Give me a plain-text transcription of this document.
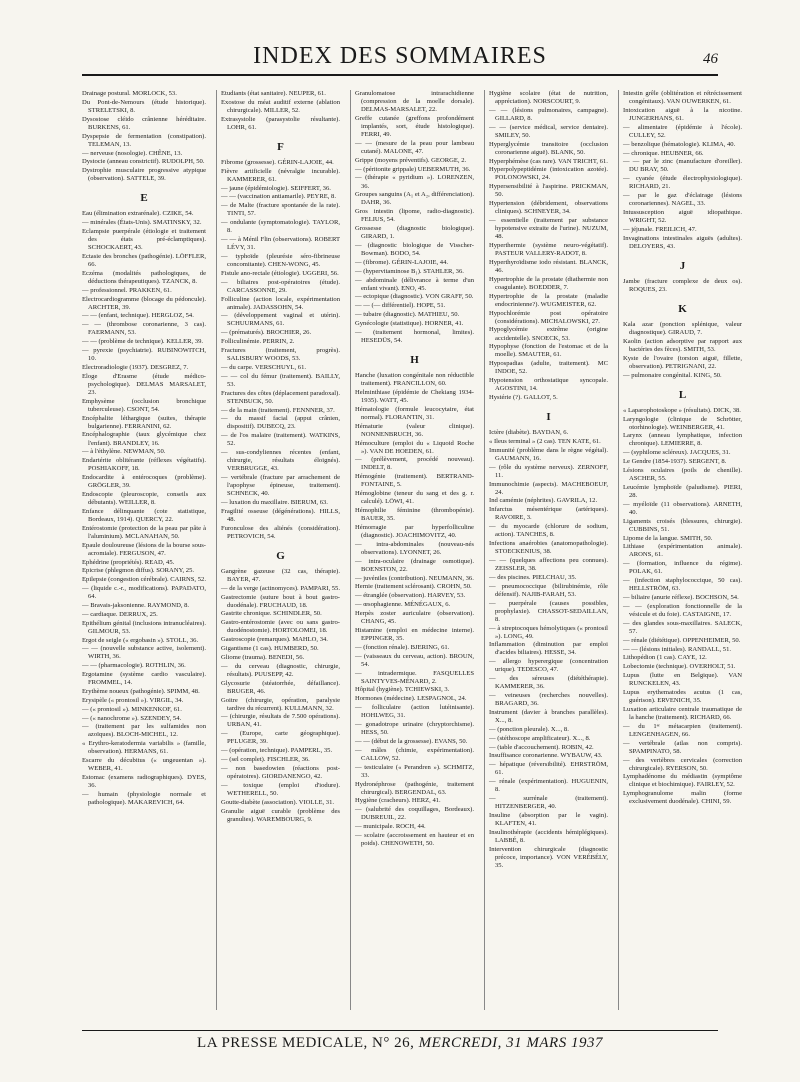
INDEX DES SOMMAIRES	46
Drainage postural. MORLOCK, 53.
Du Pont-de-Nemours (étude historique). STRELETSKI, 8.
Dysostose cléido crânienne héréditaire. BURKENS, 61.
Dyspepsie de fermentation (constipation). TELEMAN, 13.
— nerveuse (nosologie). CHÊNE, 13.
Dystocie (anneau constrictif). RUDOLPH, 50.
Dystrophie musculaire progressive atypique (observation). SATTELE, 39.
E
Eau (élimination extrarénale). CZIKE, 54.
— minérales (États-Unis). SMATINSKY, 32.
Eclampsie puerpérale (étiologie et traitement des états pré-éclamptiques). SCHOCKAERT, 43.
Ectasie des bronches (pathogénie). LÖFFLER, 66.
Eczéma (modalités pathologiques, de déductions thérapeutiques). TZANCK, 8.
— professionnel. PRAKKEN, 61.
Electrocardiogramme (blocage du pédoncule). ARCHTER, 39.
— — (enfant, technique). HERGLOZ, 54.
— — (thrombose coronarienne, 3 cas). FAERMANN, 53.
— — (problème de technique). KELLER, 39.
— pyrexie (psychiatrie). RUBINOWITCH, 10.
Electroradiologie (1937). DESGREZ, 7.
Eloge d'Erasme (étude médico-psychologique). DELMAS MARSALET, 23.
Emphysème (occlusion bronchique tuberculeuse). CSONT, 54.
Encéphalite léthargique (suites, thérapie bulgarienne). FERRANINI, 62.
Encéphalographie (taux glycémique chez l'enfant). BRANDLEY, 16.
— à l'éthylène. NEWMAN, 50.
Endartérite oblitérante (réflexes végétatifs). POSHIAKOFF, 18.
Endocardite à entérocoques (problème). GRÖGLER, 39.
Endoscopie (pleuroscopie, conseils aux débutants). WEILLER, 8.
Enfance délinquante (cote statistique, Bordeaux, 1914). QUERCY, 22.
Entérostomie (protection de la peau par pâte à l'aluminium). MCLANAHAN, 50.
Epaule douloureuse (lésions de la bourse sous-acromiale). FERGUSON, 47.
Ephédrine (propriétés). READ, 45.
Epicrise (phlegmon diffus). SORANY, 25.
Epilepsie (congestion cérébrale). CAIRNS, 52.
— (liquide c.-r., modifications). PAPADATO, 64.
— Bravais-jaksonienne. RAYMOND, 8.
— cardiaque. DERRUX, 25.
Epithélium génital (inclusions intranucléaires). GILMOUR, 53.
Ergot de seigle (« ergobasin »). STOLL, 36.
— — (nouvelle substance active, isolement). WIRTH, 36.
— — (pharmacologie). ROTHLIN, 36.
Ergotamine (système cardio vasculaire). FROMMEL, 14.
Erythème noueux (pathogénie). SPIMM, 48.
Erysipèle (« prontosil »). VIRGIL, 34.
— (« prontosil »). MINKENKOF, 61.
— (« nanochrome »). SZENDEY, 54.
— (traitement par les sulfamides non azoïques). BLOCH-MICHEL, 12.
« Erythro-keratodermia variabilis » (famille, observation). HERMANS, 61.
Escarre du décubitus (« ungeuentan »). WEBER, 41.
Estomac (examens radiographiques). DYES, 36.
— humain (physiologie normale et pathologique). MAKAREVICH, 64.
Etudiants (état sanitaire). NEUPER, 61.
Exostose du méat auditif externe (ablation chirurgicale). MILLER, 52.
Extrasystolie (parasystolie résultante). LOHR, 61.
F
Fibrome (grossesse). GÉRIN-LAJOIE, 44.
Fièvre artificielle (névralgie incurable). KAMMERER, 61.
— jaune (épidémiologie). SEIFFERT, 36.
— — (vaccination antiamarile). PEYRE, 8.
— de Malte (fracture spontanée de la rate). TINTI, 57.
— ondulante (symptomatologie). TAYLOR, 8.
— — à Ménil Flin (observations). ROBERT LÉVY, 31.
— typhoïde (pleurésie séro-fibrineuse concomitante). CHEN-WONG, 45.
Fistule ano-rectale (étiologie). UGGERI, 56.
— biliaires post-opératoires (étude). CARCASSONNE, 29.
Folliculine (action locale, expérimentation animale). JADASSOHN, 54.
— (développement vaginal et utérin). SCHUURMANS, 61.
— (prématurés). BROCHIER, 26.
Folliculinémie. PERRIN, 2.
Fractures (traitement, progrès). SALISBURY WOODS, 53.
— du carpe. VERSCHUYL, 61.
— — col du fémur (traitement). BAILLY, 53.
Fractures des côtes (déplacement paradoxal). STENBUCK, 50.
— de la main (traitement). FENNNER, 37.
— du massif facial (appui crânien, dispositif). DUBECQ, 23.
— de l'os malaire (traitement). WATKINS, 52.
— sus-condyliennes récentes (enfant, chirurgie, résultats éloignés). VERBRUGGE, 43.
— vertébrale (fracture par arrachement de l'apophyse épineuse, traitement). SCHNECK, 40.
— luxation du maxillaire. BIERUM, 63.
Fragilité osseuse (dégénérations). HILLS, 48.
Furonculose des aliénés (considération). PETROVICH, 54.
G
Gangrène gazeuse (32 cas, thérapie). BAYER, 47.
— de la verge (actinomyces). PAMPARI, 55.
Gastrectomie (suture bout à bout gastro-duodénale). FRUCHAUD, 18.
Gastrite chronique. SCHINDLER, 50.
Gastro-entérostomie (avec ou sans gastro-duodénostomie). HORTOLOMEI, 18.
Gastroscopie (remarques). MAHLO, 34.
Gigantisme (1 cas). HUMBERD, 50.
Gliome (trauma). BENEDI, 56.
— du cerveau (diagnostic, chirurgie, résultats). PUUSEPP, 42.
Glycosurie (stéatorrhée, défaillance). BRUGER, 46.
Goitre (chirurgie, opération, paralysie tardive du récurrent). KULLMANN, 32.
— (chirurgie, résultats de 7.500 opérations). URBAN, 41.
— (Europe, carte géographique). PFLUGER, 39.
— (opération, technique). PAMPERL, 35.
— (sel complet). FISCHLER, 36.
— non basedowien (réactions post-opératoires). GIORDANENGO, 42.
— toxique (emploi d'iodure). WETHERELL, 50.
Goutte-diabète (association). VIOLLE, 31.
Granulie aiguë curable (problème des granulies). WAREMBOURG, 9.
Granulomatose intrarachidienne (compression de la moelle dorsale). DELMAS-MARSALET, 22.
Greffe cutanée (greffons profondément implantés, sort, étude histologique). FERRI, 49.
— — (mesure de la peau pour lambeau cutané). MALONE, 47.
Grippe (moyens préventifs). GEORGE, 2.
— (péritonite grippale) UEBERMUTH, 36.
— (thérapie « pyridium »). LORENZEN, 36.
Groupes sanguins (A₁ et A₂, différenciation). DAHR, 36.
Gros intestin (lipome, radio-diagnostic). FELIUS, 54.
Grossesse (diagnostic biologique). GIRARD, 1.
— (diagnostic biologique de Visscher-Bowman). BODO, 54.
— (fibrome). GÉRIN-LAJOIE, 44.
— (hypervitaminose B₁). STAHLER, 36.
— abdominale (délivrance à terme d'un enfant vivant). ENO, 45.
— ectopique (diagnostic). VON GRAFF, 50.
— — (— différentiel). HOPE, 51.
— tubaire (diagnostic). MATHIEU, 50.
Gynécologie (statistique). HORNER, 41.
— (traitement hormonal, limites). HESEDÜS, 54.
H
Hanche (luxation congénitale non réductible traitement). FRANCILLON, 60.
Helminthiase (épidémie de Chekiang 1934-1935). WATT, 45.
Hématologie (formule leucocytaire, état normal). FLORANTIN, 31.
Hématurie (valeur clinique). NONNENBRUCH, 36.
Hémoculture (emploi du « Liquoid Roche »). VAN DE HOEDEN, 61.
— (prélèvement, procédé nouveau). INDELT, 8.
Hémogénie (traitement). BERTRAND-FONTAINE, 5.
Hémoglobine (teneur du sang et des g. r. calculé). LÖWI, 41.
Hémophilie féminine (thrombopénie). BAUER, 35.
Hémorragie par hyperfolliculine (diagnostic). JOACHIMOVITZ, 40.
— intra-abdominales (nouveau-nés observations). LYONNET, 26.
— intra-oculaire (drainage osmotique). BOENSTON, 22.
— juvéniles (contribution). NEUMANN, 36.
Hernie (traitement sclérosant). CROHN, 50.
— étranglée (observation). HARVEY, 53.
— œsophagienne. MÉNÉGAUX, 6.
Herpès zoster auriculaire (observation). CHANG, 45.
Histamine (emploi en médecine interne). EPPINGER, 35.
— (fonction rénale). BJERING, 61.
— (vaisseaux du cerveau, action). BROUN, 54.
— intradermique. FASQUELLES SAINTYVES-MÉNARD, 2.
Hôpital (hygiène). TCHIEWSKI, 3.
Hormones (médecine). LESPAGNOL, 24.
— folliculaire (action lutéinisante). HOHLWEG, 31.
— gonadotrope urinaire (chryptorchisme). HESS, 50.
— — (début de la grossesse). EVANS, 50.
— mâles (chimie, expérimentation). CALLOW, 52.
— testiculaire (« Perandren »). SCHMITZ, 33.
Hydronéphrose (pathogénie, traitement chirurgical). BERGENDAL, 63.
Hygiène (cracheurs). HERZ, 41.
— (salubrité des coquillages, Bordeaux). DUBREUIL, 22.
— municipale. ROCH, 44.
— scolaire (accroissement en hauteur et en poids). CHENOWETH, 50.
Hygiène scolaire (état de nutrition, appréciation). NORSCOURT, 9.
— — (lésions pulmonaires, campagne). GILLARD, 8.
— — (service médical, service dentaire). SMILEY, 50.
Hyperglycémie transitoire (occlusion coronarienne aiguë). BLANK, 50.
Hyperphémèse (cas rare). VAN TRICHT, 61.
Hyperpolypeptidémie (intoxication azotée). POLONOWSKI, 24.
Hypersensibilité à l'aspirine. PRICKMAN, 50.
Hypertension (débridement, observations cliniques). SCHNEYER, 34.
— essentielle (traitement par substance hypotensive extraite de l'urine). NUZUM, 48.
Hyperthermie (système neuro-végétatif). PASTEUR VALLERY-RADOT, 8.
Hyperthyroïdisme iodo résistant. BLANCK, 46.
Hypertrophie de la prostate (diathermie non coagulante). BOEDDER, 7.
Hypertrophie de la prostate (maladie endocrinienne?). WUGMEISTER, 62.
Hypochlorémie post opératoire (considérations). MICHALOWSKI, 27.
Hypoglycémie extrême (origine accidentelle). SNOECK, 53.
Hypophyse (fonction de l'estomac et de la moelle). SMAUTER, 61.
Hypospadias (adulte, traitement). MC INDOE, 52.
Hypotension orthostatique syncopale. AGOSTINI, 14.
Hystérie (?). GALLOT, 5.
I
Ictère (diabète). BAYDAN, 6.
« Ileus terminal » (2 cas). TEN KATE, 61.
Immunité (problème dans le règne végétal). GAUMANN, 16.
— (rôle du système nerveux). ZERNOFF, 11.
Immunochimie (aspects). MACHEBOEUF, 24.
Ind camémie (néphrites). GAVRILA, 12.
Infarctus mésentérique (artériques). RAVOIRE, 3.
— du myocarde (chlorure de sodium, action). TANCHES, 8.
Infections anaérobies (anatomopathologie). STOECKENIUS, 38.
— — (quelques affections peu connues). ZEISSLER, 38.
— des piscines. PIELCHAU, 35.
— pneumococcique (bilirubinémie, rôle défensif). NAJIB-FARAH, 53.
— puerpérale (causes possibles, prophylaxie). CHASSOT-SEDAILLAN, 8.
— à streptocoques hémolytiques (« prontosil »). LONG, 49.
Inflammation (diminution par emploi d'acides biliaires). HESSE, 34.
— allergo hyperergique (concentration urique). TEDESCO, 47.
— des séreuses (diététhérapie). KAMMERER, 36.
— veineuses (recherches nouvelles). BRAGARD, 36.
Instrument (davier à branches parallèles). X..., 8.
— (ponction pleurale). X..., 8.
— (stéthoscope amplificateur). X..., 8.
— (table d'accouchement). ROBIN, 42.
Insuffisance coronarienne. WYBAUW, 43.
— hépatique (réversibilité). EHRSTRÖM, 61.
— rénale (expérimentation). HUGUENIN, 8.
— surrénale (traitement). HITZENBERGER, 40.
Insuline (absorption par le vagin). KLAFTEN, 41.
Insulinothérapie (accidents hémiplégiques). LABBÉ, 8.
Intervention chirurgicale (diagnostic précoce, importance). VON VERÉBÉLY, 35.
Intestin grêle (oblitération et rétrécissement congénitaux). VAN OUWERKEN, 61.
Intoxication aiguë à la nicotine. JUNGERHANS, 61.
— alimentaire (épidémie à l'école). CULLEY, 52.
— benzolique (hématologie). KLIMA, 40.
— chronique. HEUBNER, 66.
— — par le zinc (manufacture d'oreiller). DU BRAY, 50.
— cyanée (étude électrophysiologique). RICHARD, 21.
— par le gaz d'éclairage (lésions coronariennes). NAGEL, 33.
Intussusception aiguë idiopathique. WRIGHT, 52.
— jéjunale. FREILICH, 47.
Invaginations intestinales aiguës (adultes). DELOYERS, 43.
J
Jambe (fracture complexe de deux os). ROQUES, 23.
K
Kala azar (ponction splénique, valeur diagnostique). GIRAUD, 7.
Kaolin (action adsorptive par rapport aux bactéries des fèces). SMITH, 53.
Kyste de l'ovaire (torsion aiguë, fillette, observation). PETRIGNANI, 22.
— pulmonaire congénital. KING, 50.
L
« Laparophotoskope » (résultats). DICK, 38.
Laryngologie (clinique de Schrötter, otorhinologie). WEINBERGER, 41.
Larynx (anneau lymphatique, infection chronique). LEMIERRE, 8.
— (syphilome scléreux). JACQUES, 31.
Le Gendre (1854-1937). SERGENT, 8.
Lésions oculaires (poils de chenille). ASCHER, 55.
Leucémie lymphoïde (paludisme). PIERI, 28.
— myéloïde (11 observations). ARNETH, 40.
Ligaments croisés (blessures, chirurgie). CUBBINS, 51.
Lipome de la langue. SMITH, 50.
Lithiase (expérimentation animale). ARONS, 61.
— (formation, influence du régime). POLAK, 61.
— (infection staphylococcique, 50 cas). HELLSTRÖM, 63.
— biliaire (anurie réflexe). BOCHSON, 54.
— — (exploration fonctionnelle de la vésicule et du foie). CASTAIGNE, 17.
— des glandes sous-maxillaires. SALECK, 57.
— rénale (diététique). OPPENHEIMER, 50.
— — (lésions initiales). RANDALL, 51.
Lithopédion (1 cas). CAYE, 12.
Lobectomie (technique). OVERHOLT, 51.
Lupus (lutte en Belgique). VAN RUNCKELEN, 43.
Lupus erythematodes acutus (1 cas, guérison). ERVENICH, 35.
Luxation articulaire centrale traumatique de la hanche (traitement). RICHARD, 66.
— du 1ᵉʳ métacarpien (traitement). LENGENHAGEN, 66.
— vertébrale (atlas non compris). SPAMPINATO, 58.
— des vertèbres cervicales (correction chirurgicale). RYERSON, 50.
Lymphadénome du médiastin (symptôme clinique et biochimique). FAIRLEY, 52.
Lymphogranulome malin (forme exclusivement duodénale). CHINI, 59.
LA PRESSE MEDICALE, N° 26, MERCREDI, 31 MARS 1937
